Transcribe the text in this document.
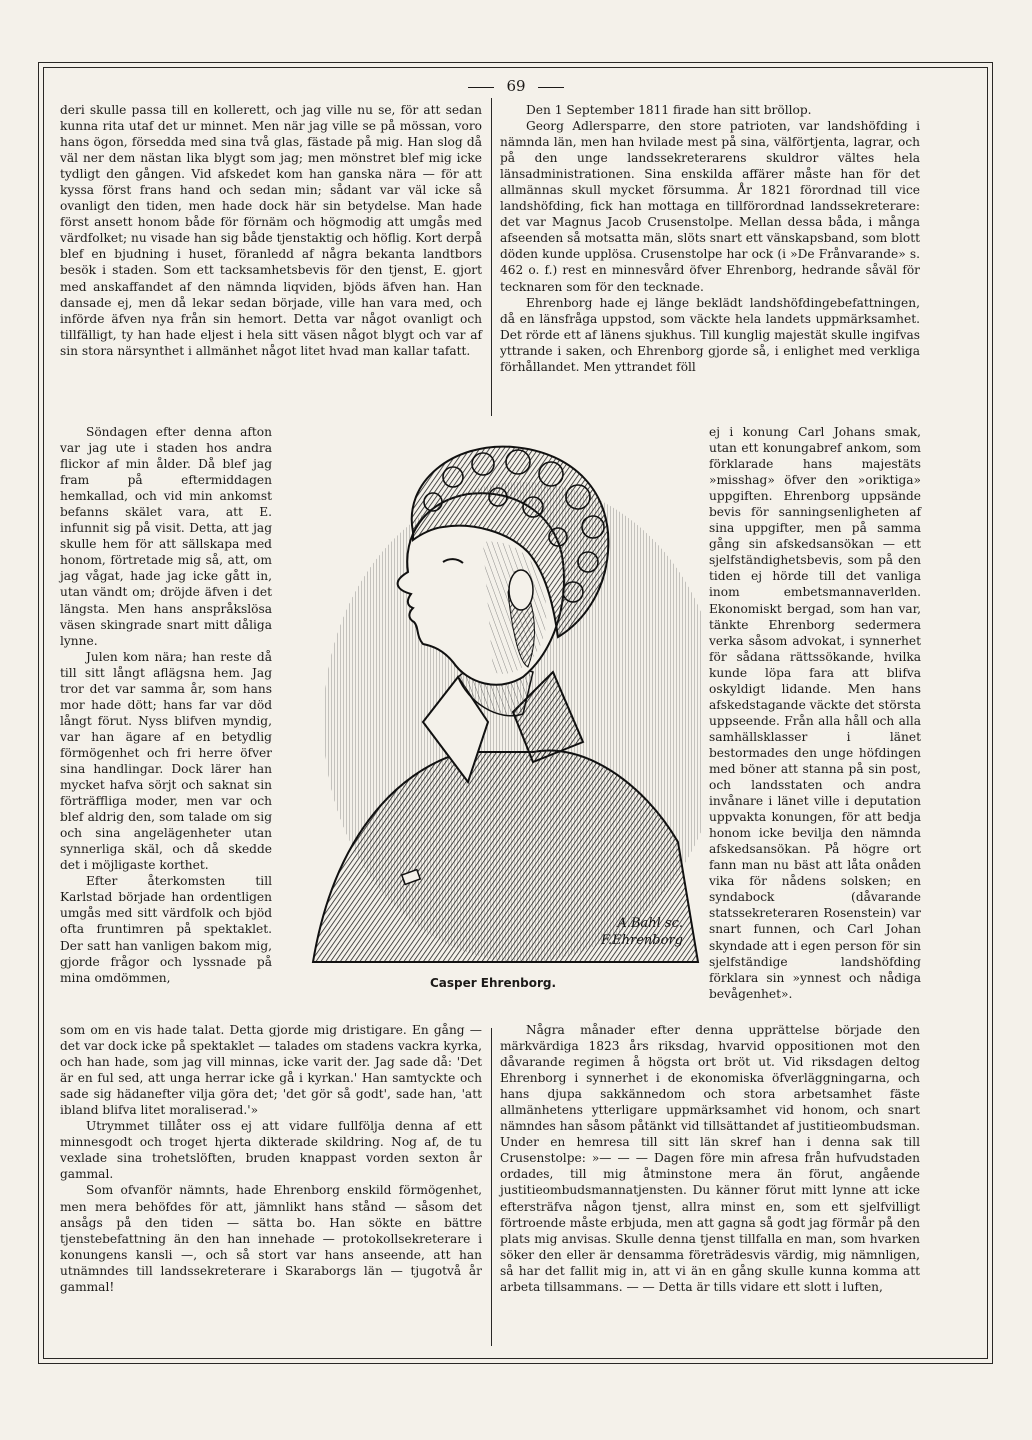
69

deri skulle passa till en kollerett, och jag ville nu se, för att sedan kunna rita utaf det ur minnet. Men när jag ville se på mössan, voro hans ögon, försedda med sina två glas, fästade på mig. Han slog då väl ner dem nästan lika blygt som jag; men mönstret blef mig icke tydligt den gången. Vid afskedet kom han ganska nära — för att kyssa först frans hand och sedan min; sådant var väl icke så ovanligt den tiden, men hade dock här sin betydelse. Man hade först ansett honom både för förnäm och högmodig att umgås med värdfolket; nu visade han sig både tjenstaktig och höflig. Kort derpå blef en bjudning i huset, föranledd af några bekanta landtbors besök i staden. Som ett tacksamhetsbevis för den tjenst, E. gjort med anskaffandet af den nämnda liqviden, bjöds äfven han. Han dansade ej, men då lekar sedan började, ville han vara med, och införde äfven nya från sin hemort. Detta var något ovanligt och tillfälligt, ty han hade eljest i hela sitt väsen något blygt och var af sin stora närsynthet i allmänhet något litet hvad man kallar tafatt.

Söndagen efter denna afton var jag ute i staden hos andra flickor af min ålder. Då blef jag fram på eftermiddagen hemkallad, och vid min ankomst befanns skälet vara, att E. infunnit sig på visit. Detta, att jag skulle hem för att sällskapa med honom, förtretade mig så, att, om jag vågat, hade jag icke gått in, utan vändt om; dröjde äfven i det längsta. Men hans anspråkslösa väsen skingrade snart mitt dåliga lynne.

Julen kom nära; han reste då till sitt långt aflägsna hem. Jag tror det var samma år, som hans mor hade dött; hans far var död långt förut. Nyss blifven myndig, var han ägare af en betydlig förmögenhet och fri herre öfver sina handlingar. Dock lärer han mycket hafva sörjt och saknat sin förträffliga moder, men var och blef aldrig den, som talade om sig och sina angelägenheter utan synnerliga skäl, och då skedde det i möjligaste korthet.

Efter återkomsten till Karlstad började han ordentligen umgås med sitt värdfolk och bjöd ofta fruntimren på spektaklet. Der satt han vanligen bakom mig, gjorde frågor och lyssnade på mina omdömmen,

som om en vis hade talat. Detta gjorde mig dristigare. En gång — det var dock icke på spektaklet — talades om stadens vackra kyrka, och han hade, som jag vill minnas, icke varit der. Jag sade då: 'Det är en ful sed, att unga herrar icke gå i kyrkan.' Han samtyckte och sade sig hädanefter vilja göra det; 'det gör så godt', sade han, 'att ibland blifva litet moraliserad.'»

Utrymmet tillåter oss ej att vidare fullfölja denna af ett minnesgodt och troget hjerta dikterade skildring. Nog af, de tu vexlade sina trohetslöften, bruden knappast vorden sexton år gammal.

Som ofvanför nämnts, hade Ehrenborg enskild förmögenhet, men mera behöfdes för att, jämnlikt hans stånd — såsom det ansågs på den tiden — sätta bo. Han sökte en bättre tjenstebefattning än den han innehade — protokollsekreterare i konungens kansli —, och så stort var hans anseende, att han utnämndes till landssekreterare i Skaraborgs län — tjugotvå år gammal!

Den 1 September 1811 firade han sitt bröllop.

Georg Adlersparre, den store patrioten, var landshöfding i nämnda län, men han hvilade mest på sina, välförtjenta, lagrar, och på den unge landssekreterarens skuldror vältes hela länsadministrationen. Sina enskilda affärer måste han för det allmännas skull mycket försumma. År 1821 förordnad till vice landshöfding, fick han mottaga en tillförordnad landssekreterare: det var Magnus Jacob Crusenstolpe. Mellan dessa båda, i många afseenden så motsatta män, slöts snart ett vänskapsband, som blott döden kunde upplösa. Crusenstolpe har ock (i »De Frånvarande» s. 462 o. f.) rest en minnesvård öfver Ehrenborg, hedrande såväl för tecknaren som för den tecknade.

Ehrenborg hade ej länge beklädt landshöfdingebefattningen, då en länsfråga uppstod, som väckte hela landets uppmärksamhet. Det rörde ett af länens sjukhus. Till kunglig majestät skulle ingifvas yttrande i saken, och Ehrenborg gjorde så, i enlighet med verkliga förhållandet. Men yttrandet föll

ej i konung Carl Johans smak, utan ett konungabref ankom, som förklarade hans majestäts »misshag» öfver den »oriktiga» uppgiften. Ehrenborg uppsände bevis för sanningsenligheten af sina uppgifter, men på samma gång sin afskedsansökan — ett sjelfständighetsbevis, som på den tiden ej hörde till det vanliga inom embetsmannaverlden. Ekonomiskt bergad, som han var, tänkte Ehrenborg sedermera verka såsom advokat, i synnerhet för sådana rättssökande, hvilka kunde löpa fara att blifva oskyldigt lidande. Men hans afskedstagande väckte det största uppseende. Från alla håll och alla samhällsklasser i länet bestormades den unge höfdingen med böner att stanna på sin post, och landsstaten och andra invånare i länet ville i deputation uppvakta konungen, för att bedja honom icke bevilja den nämnda afskedsansökan. På högre ort fann man nu bäst att låta onåden vika för nådens solsken; en syndabock (dåvarande statssekreteraren Rosenstein) var snart funnen, och Carl Johan skyndade att i egen person för sin sjelfständige landshöfding förklara sin »ynnest och nådiga bevågenhet».

Några månader efter denna upprättelse började den märkvärdiga 1823 års riksdag, hvarvid oppositionen mot den dåvarande regimen å högsta ort bröt ut. Vid riksdagen deltog Ehrenborg i synnerhet i de ekonomiska öfverläggningarna, och hans djupa sakkännedom och stora arbetsamhet fäste allmänhetens ytterligare uppmärksamhet vid honom, och snart nämndes han såsom påtänkt vid tillsättandet af justitieombudsman. Under en hemresa till sitt län skref han i denna sak till Crusenstolpe: »— — — Dagen före min afresa från hufvudstaden ordades, till mig åtminstone mera än förut, angående justitieombudsmannatjensten. Du känner förut mitt lynne att icke eftersträfva någon tjenst, allra minst en, som ett sjelfvilligt förtroende måste erbjuda, men att gagna så godt jag förmår på den plats mig anvisas. Skulle denna tjenst tillfalla en man, som hvarken söker den eller är densamma företrädesvis värdig, mig nämnligen, så har det fallit mig in, att vi än en gång skulle kunna komma att arbeta tillsammans. — — Detta är tills vidare ett slott i luften,

A.Bahl sc.
F.Ehrenborg
Casper Ehrenborg.
